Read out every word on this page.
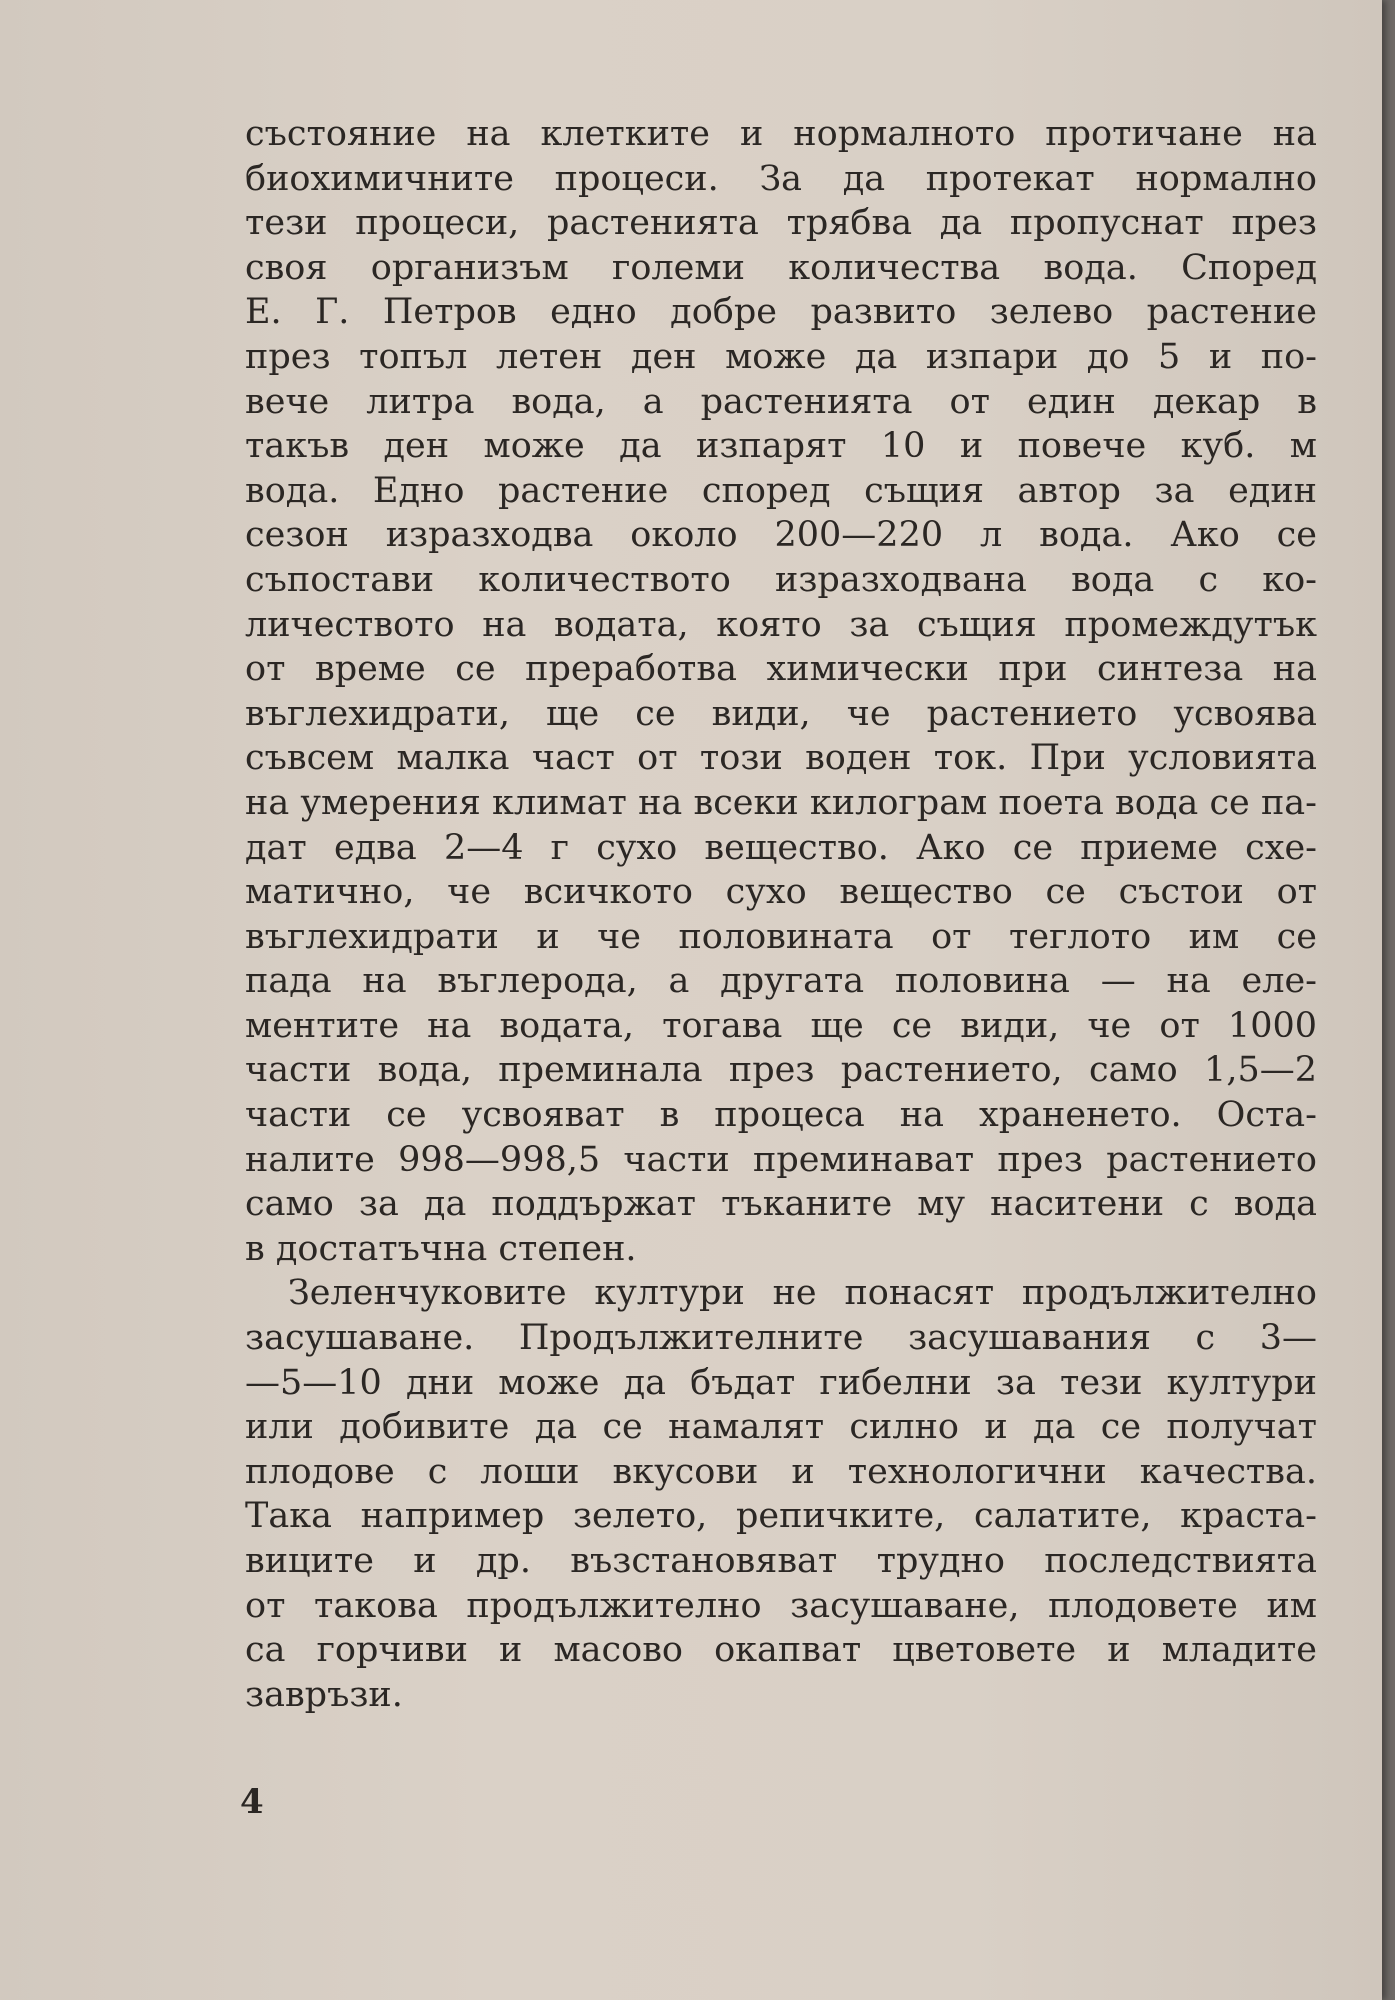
състояние на клетките и нормалното протичане на
биохимичните процеси. За да протекат нормално
тези процеси, растенията трябва да пропуснат през
своя организъм големи количества вода. Според
Е. Г. Петров едно добре развито зелево растение
през топъл летен ден може да изпари до 5 и по-
вече литра вода, а растенията от един декар в
такъв ден може да изпарят 10 и повече куб. м
вода. Едно растение според същия автор за един
сезон изразходва около 200—220 л вода. Ако се
съпостави количеството изразходвана вода с ко-
личеството на водата, която за същия промеждутък
от време се преработва химически при синтеза на
въглехидрати, ще се види, че растението усвоява
съвсем малка част от този воден ток. При условията
на умерения климат на всеки килограм поета вода се па-
дат едва 2—4 г сухо вещество. Ако се приеме схе-
матично, че всичкото сухо вещество се състои от
въглехидрати и че половината от теглото им се
пада на въглерода, а другата половина — на еле-
ментите на водата, тогава ще се види, че от 1000
части вода, преминала през растението, само 1,5—2
части се усвояват в процеса на храненето. Оста-
налите 998—998,5 части преминават през растението
само за да поддържат тъканите му наситени с вода
в достатъчна степен.

Зеленчуковите култури не понасят продължително
засушаване. Продължителните засушавания с 3—
—5—10 дни може да бъдат гибелни за тези култури
или добивите да се намалят силно и да се получат
плодове с лоши вкусови и технологични качества.
Така например зелето, репичките, салатите, краста-
виците и др. възстановяват трудно последствията
от такова продължително засушаване, плодовете им
са горчиви и масово окапват цветовете и младите
завръзи.

4
